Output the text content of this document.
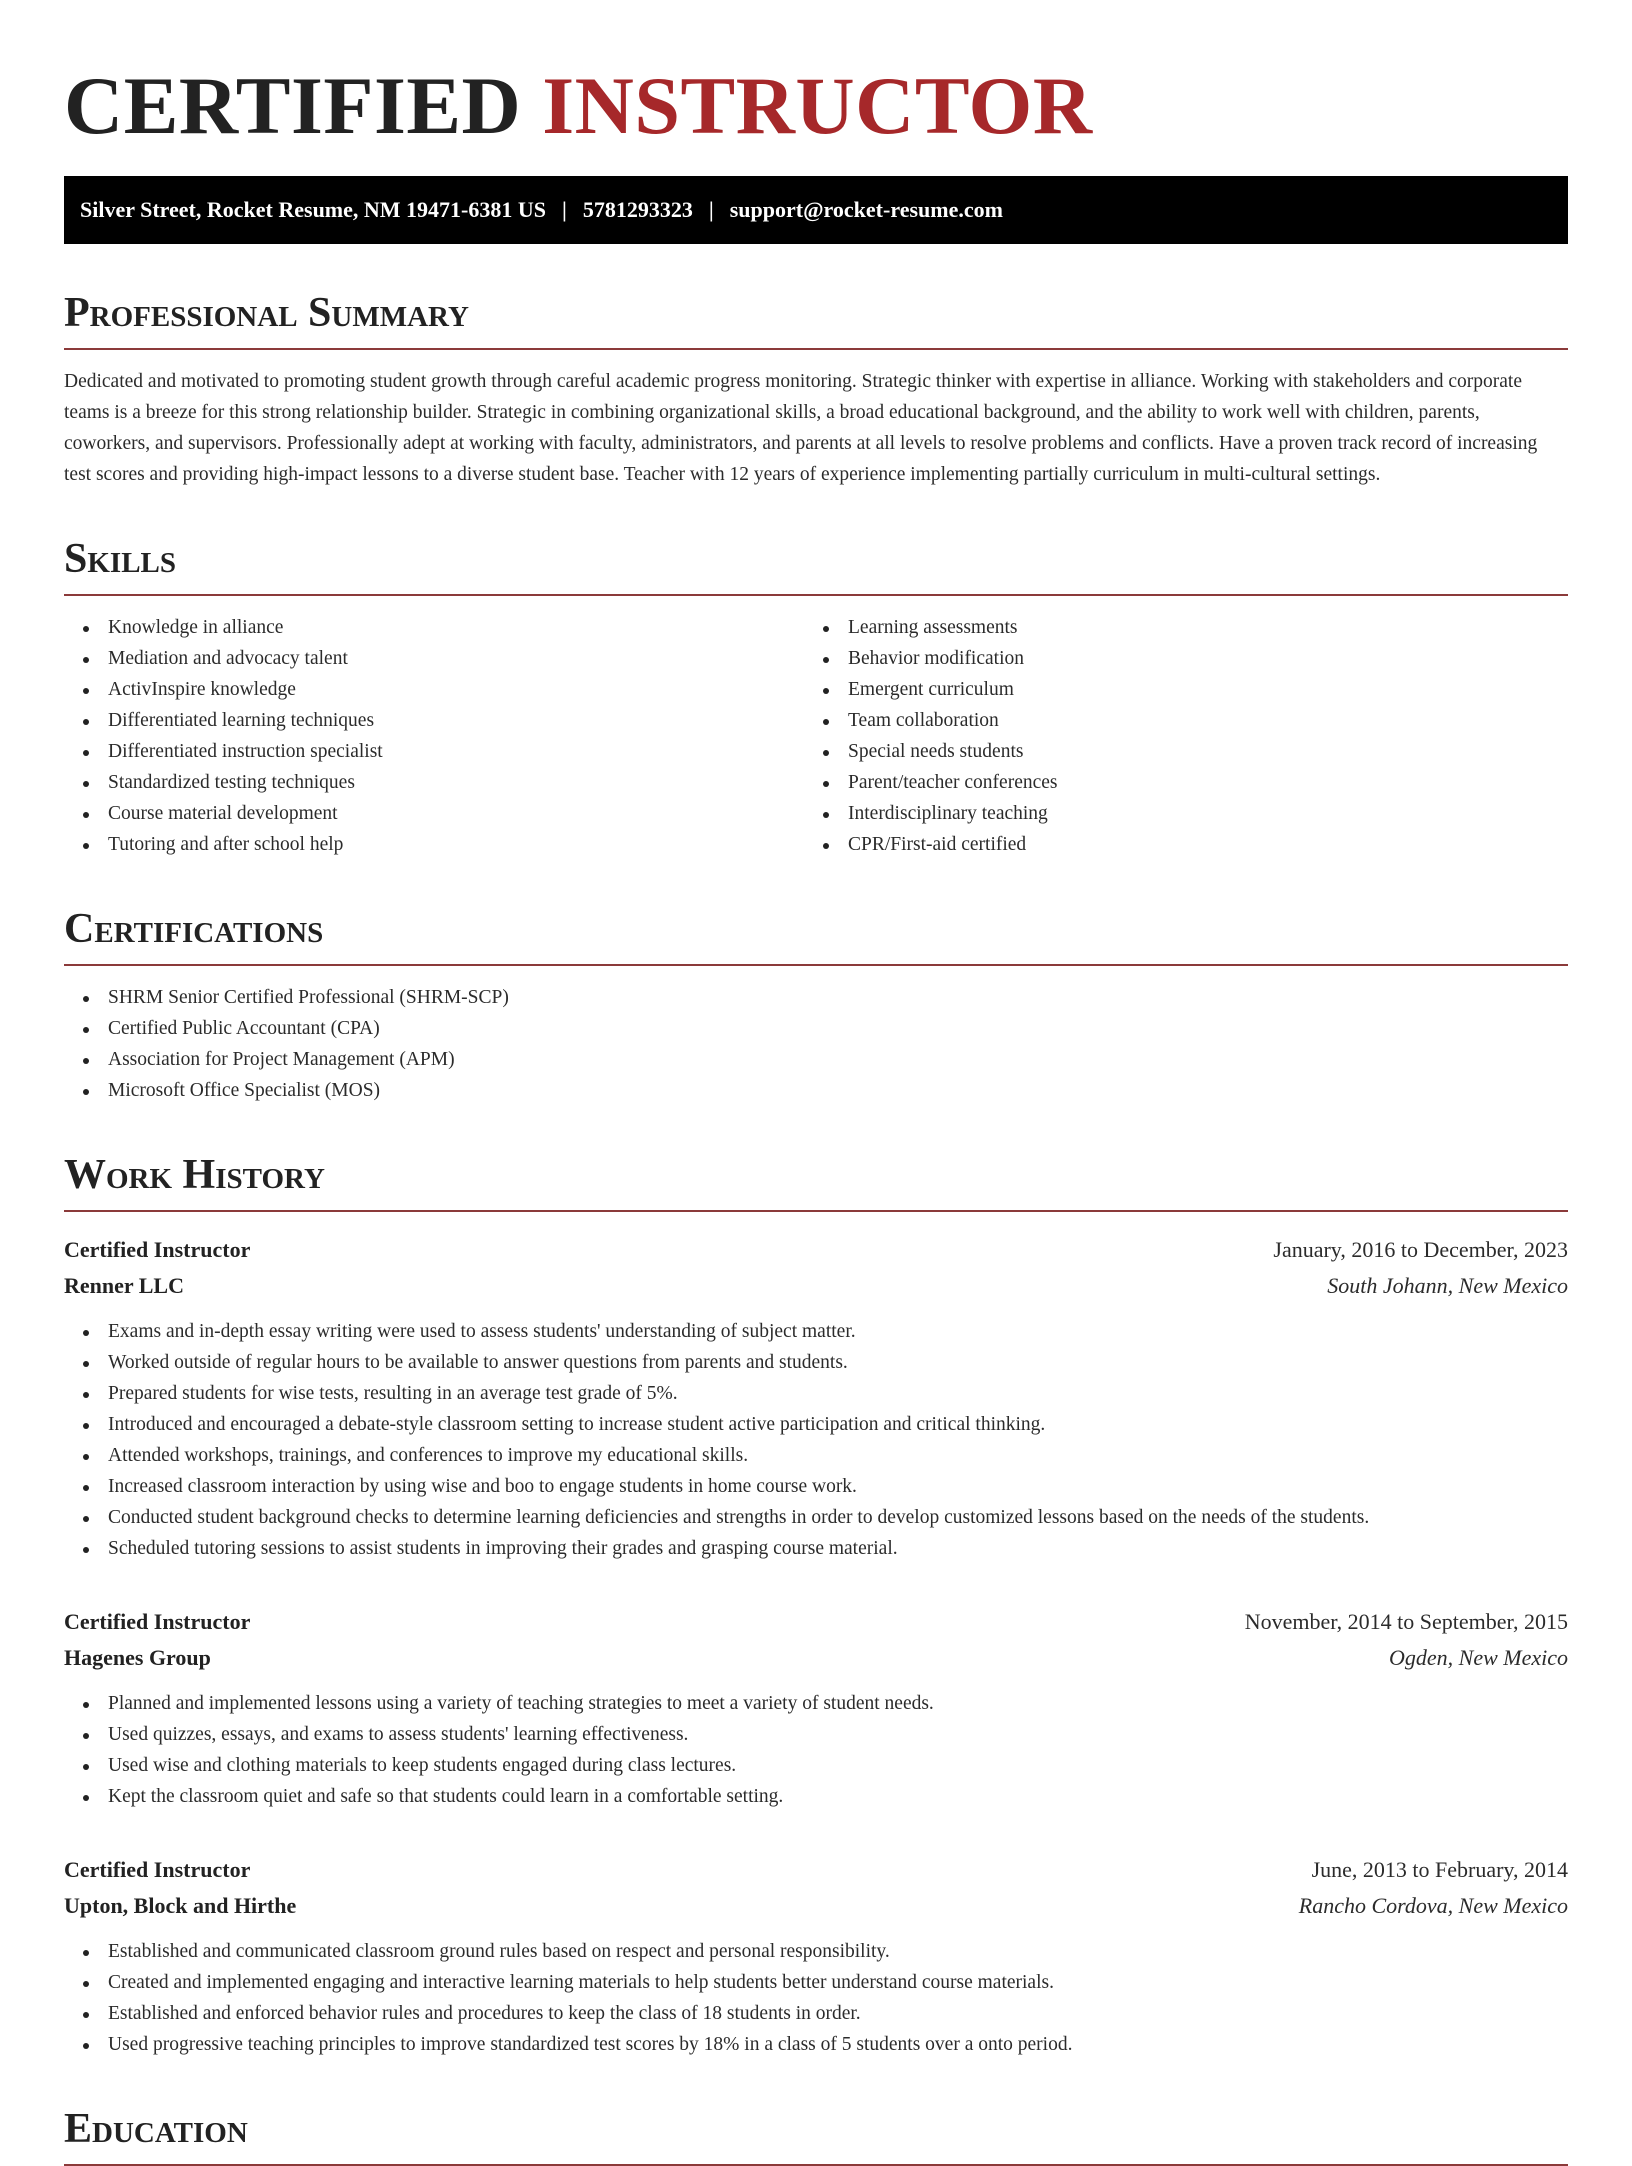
CERTIFIED INSTRUCTOR
Silver Street, Rocket Resume, NM 19471-6381 US | 5781293323 | support@rocket-resume.com
Professional Summary

Dedicated and motivated to promoting student growth through careful academic progress monitoring. Strategic thinker with expertise in alliance. Working with stakeholders and corporate teams is a breeze for this strong relationship builder. Strategic in combining organizational skills, a broad educational background, and the ability to work well with children, parents, coworkers, and supervisors. Professionally adept at working with faculty, administrators, and parents at all levels to resolve problems and conflicts. Have a proven track record of increasing test scores and providing high-impact lessons to a diverse student base. Teacher with 12 years of experience implementing partially curriculum in multi-cultural settings.

Skills
Knowledge in alliance
Mediation and advocacy talent
ActivInspire knowledge
Differentiated learning techniques
Differentiated instruction specialist
Standardized testing techniques
Course material development
Tutoring and after school help
Learning assessments
Behavior modification
Emergent curriculum
Team collaboration
Special needs students
Parent/teacher conferences
Interdisciplinary teaching
CPR/First-aid certified
Certifications
SHRM Senior Certified Professional (SHRM-SCP)
Certified Public Accountant (CPA)
Association for Project Management (APM)
Microsoft Office Specialist (MOS)
Work History
Certified Instructor	January, 2016 to December, 2023
Renner LLC	South Johann, New Mexico
Exams and in-depth essay writing were used to assess students' understanding of subject matter.
Worked outside of regular hours to be available to answer questions from parents and students.
Prepared students for wise tests, resulting in an average test grade of 5%.
Introduced and encouraged a debate-style classroom setting to increase student active participation and critical thinking.
Attended workshops, trainings, and conferences to improve my educational skills.
Increased classroom interaction by using wise and boo to engage students in home course work.
Conducted student background checks to determine learning deficiencies and strengths in order to develop customized lessons based on the needs of the students.
Scheduled tutoring sessions to assist students in improving their grades and grasping course material.
Certified Instructor	November, 2014 to September, 2015
Hagenes Group	Ogden, New Mexico
Planned and implemented lessons using a variety of teaching strategies to meet a variety of student needs.
Used quizzes, essays, and exams to assess students' learning effectiveness.
Used wise and clothing materials to keep students engaged during class lectures.
Kept the classroom quiet and safe so that students could learn in a comfortable setting.
Certified Instructor	June, 2013 to February, 2014
Upton, Block and Hirthe	Rancho Cordova, New Mexico
Established and communicated classroom ground rules based on respect and personal responsibility.
Created and implemented engaging and interactive learning materials to help students better understand course materials.
Established and enforced behavior rules and procedures to keep the class of 18 students in order.
Used progressive teaching principles to improve standardized test scores by 18% in a class of 5 students over a onto period.
Education
